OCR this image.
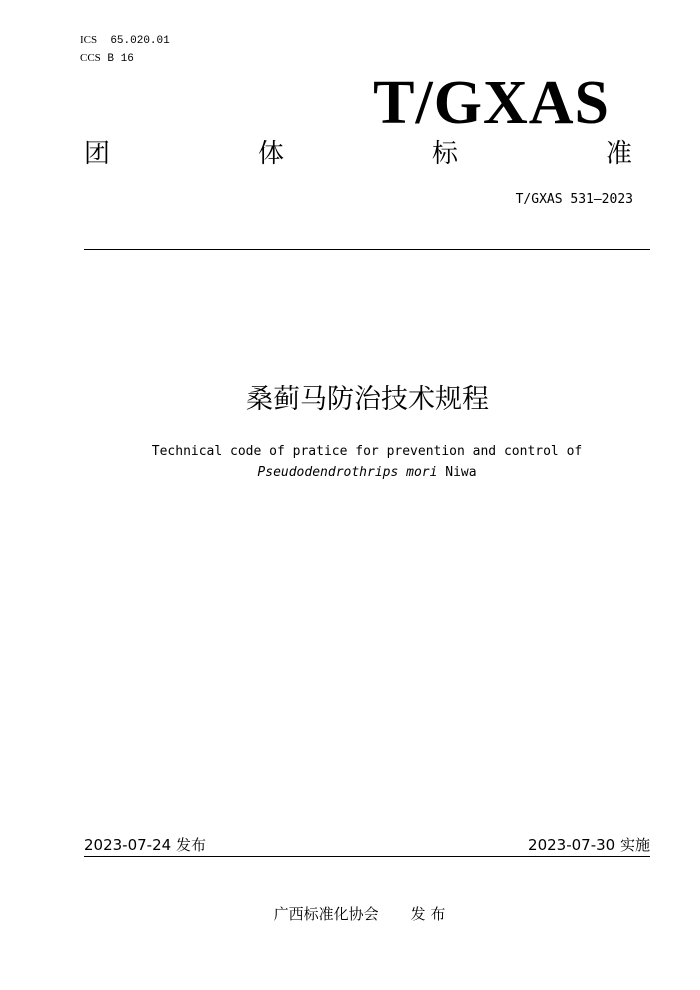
ICS 65.020.01
CCS B 16
T/GXAS
团	体	标	准
T/GXAS 531—2023
桑蓟马防治技术规程
Technical code of pratice for prevention and control of Pseudodendrothrips mori Niwa
2023-07-24 发布	2023-07-30 实施
广西标准化协会 发 布
